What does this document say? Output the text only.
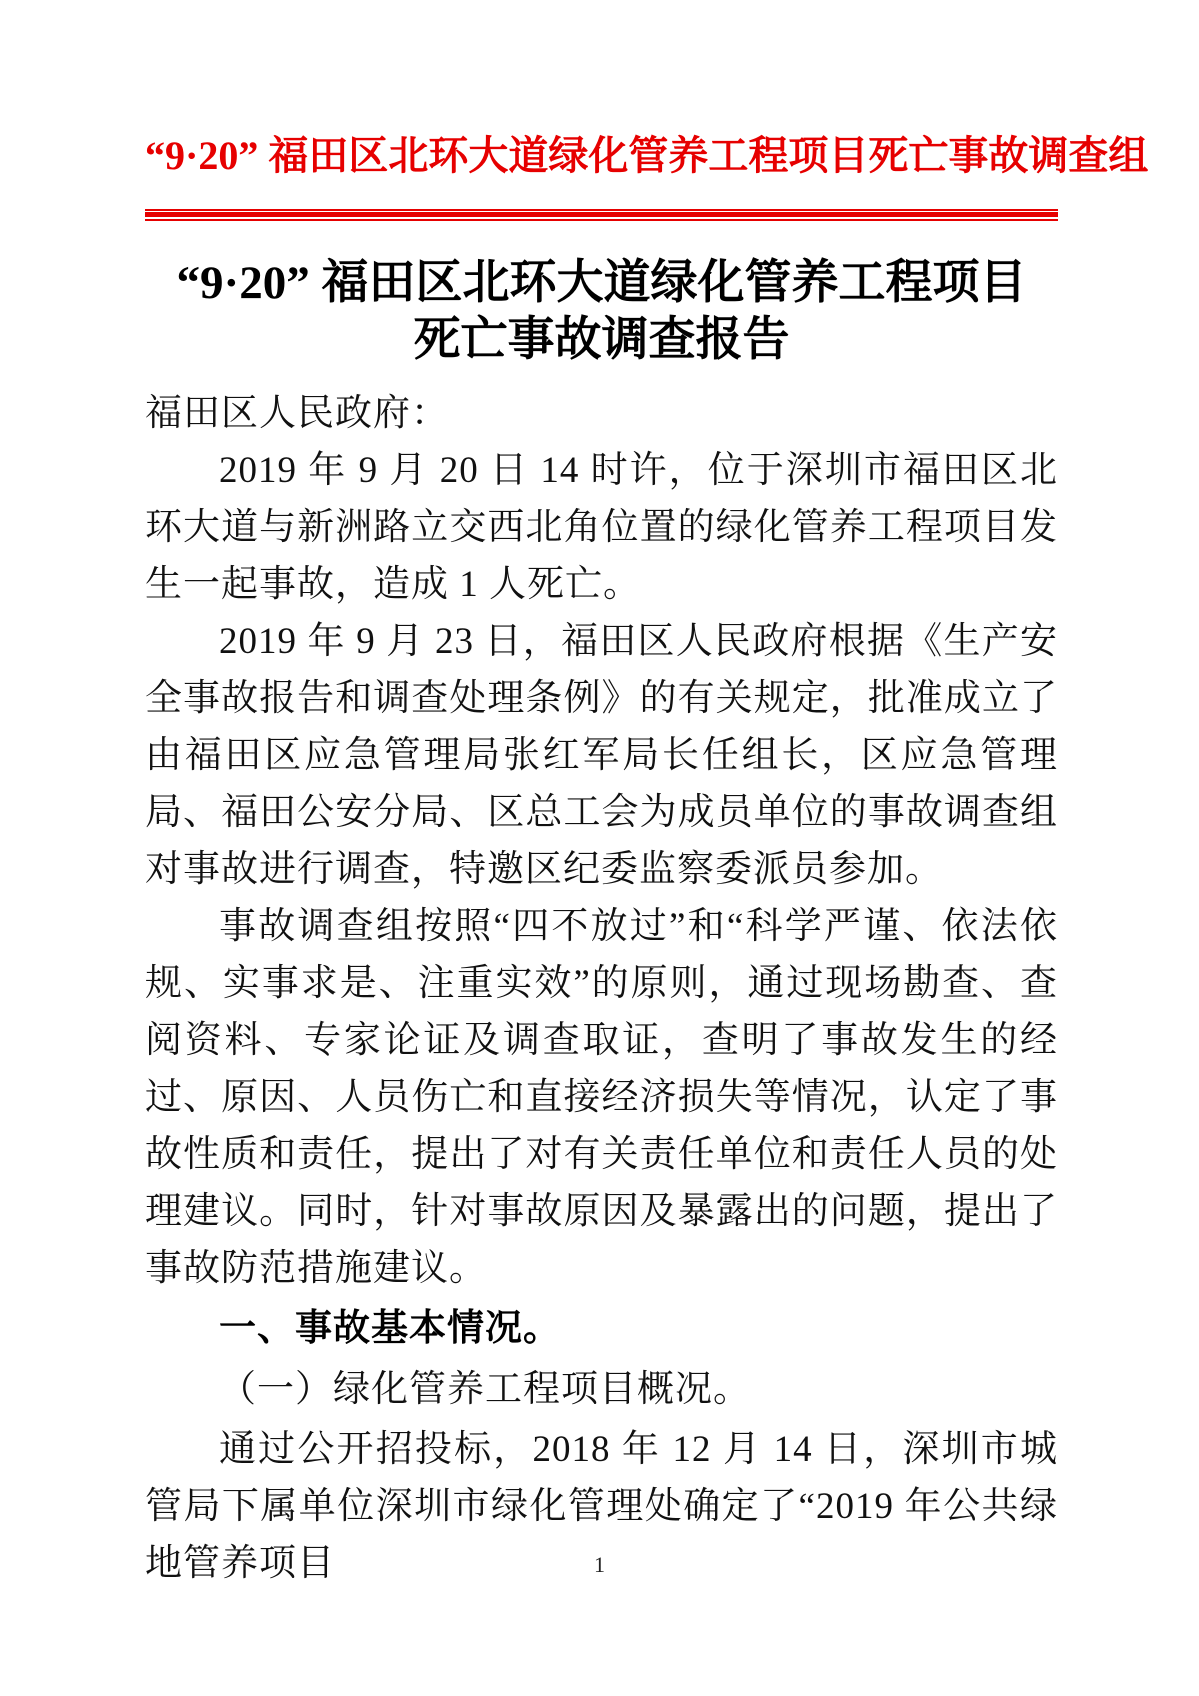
“9·20” 福田区北环大道绿化管养工程项目死亡事故调查组
“9·20” 福田区北环大道绿化管养工程项目
死亡事故调查报告

福田区人民政府：

2019 年 9 月 20 日 14 时许，位于深圳市福田区北环大道与新洲路立交西北角位置的绿化管养工程项目发生一起事故，造成 1 人死亡。

2019 年 9 月 23 日，福田区人民政府根据《生产安全事故报告和调查处理条例》的有关规定，批准成立了由福田区应急管理局张红军局长任组长，区应急管理局、福田公安分局、区总工会为成员单位的事故调查组对事故进行调查，特邀区纪委监察委派员参加。

事故调查组按照“四不放过”和“科学严谨、依法依规、实事求是、注重实效”的原则，通过现场勘查、查阅资料、专家论证及调查取证，查明了事故发生的经过、原因、人员伤亡和直接经济损失等情况，认定了事故性质和责任，提出了对有关责任单位和责任人员的处理建议。同时，针对事故原因及暴露出的问题，提出了事故防范措施建议。

一、事故基本情况。

（一）绿化管养工程项目概况。

通过公开招投标，2018 年 12 月 14 日，深圳市城管局下属单位深圳市绿化管理处确定了“2019 年公共绿地管养项目	1
